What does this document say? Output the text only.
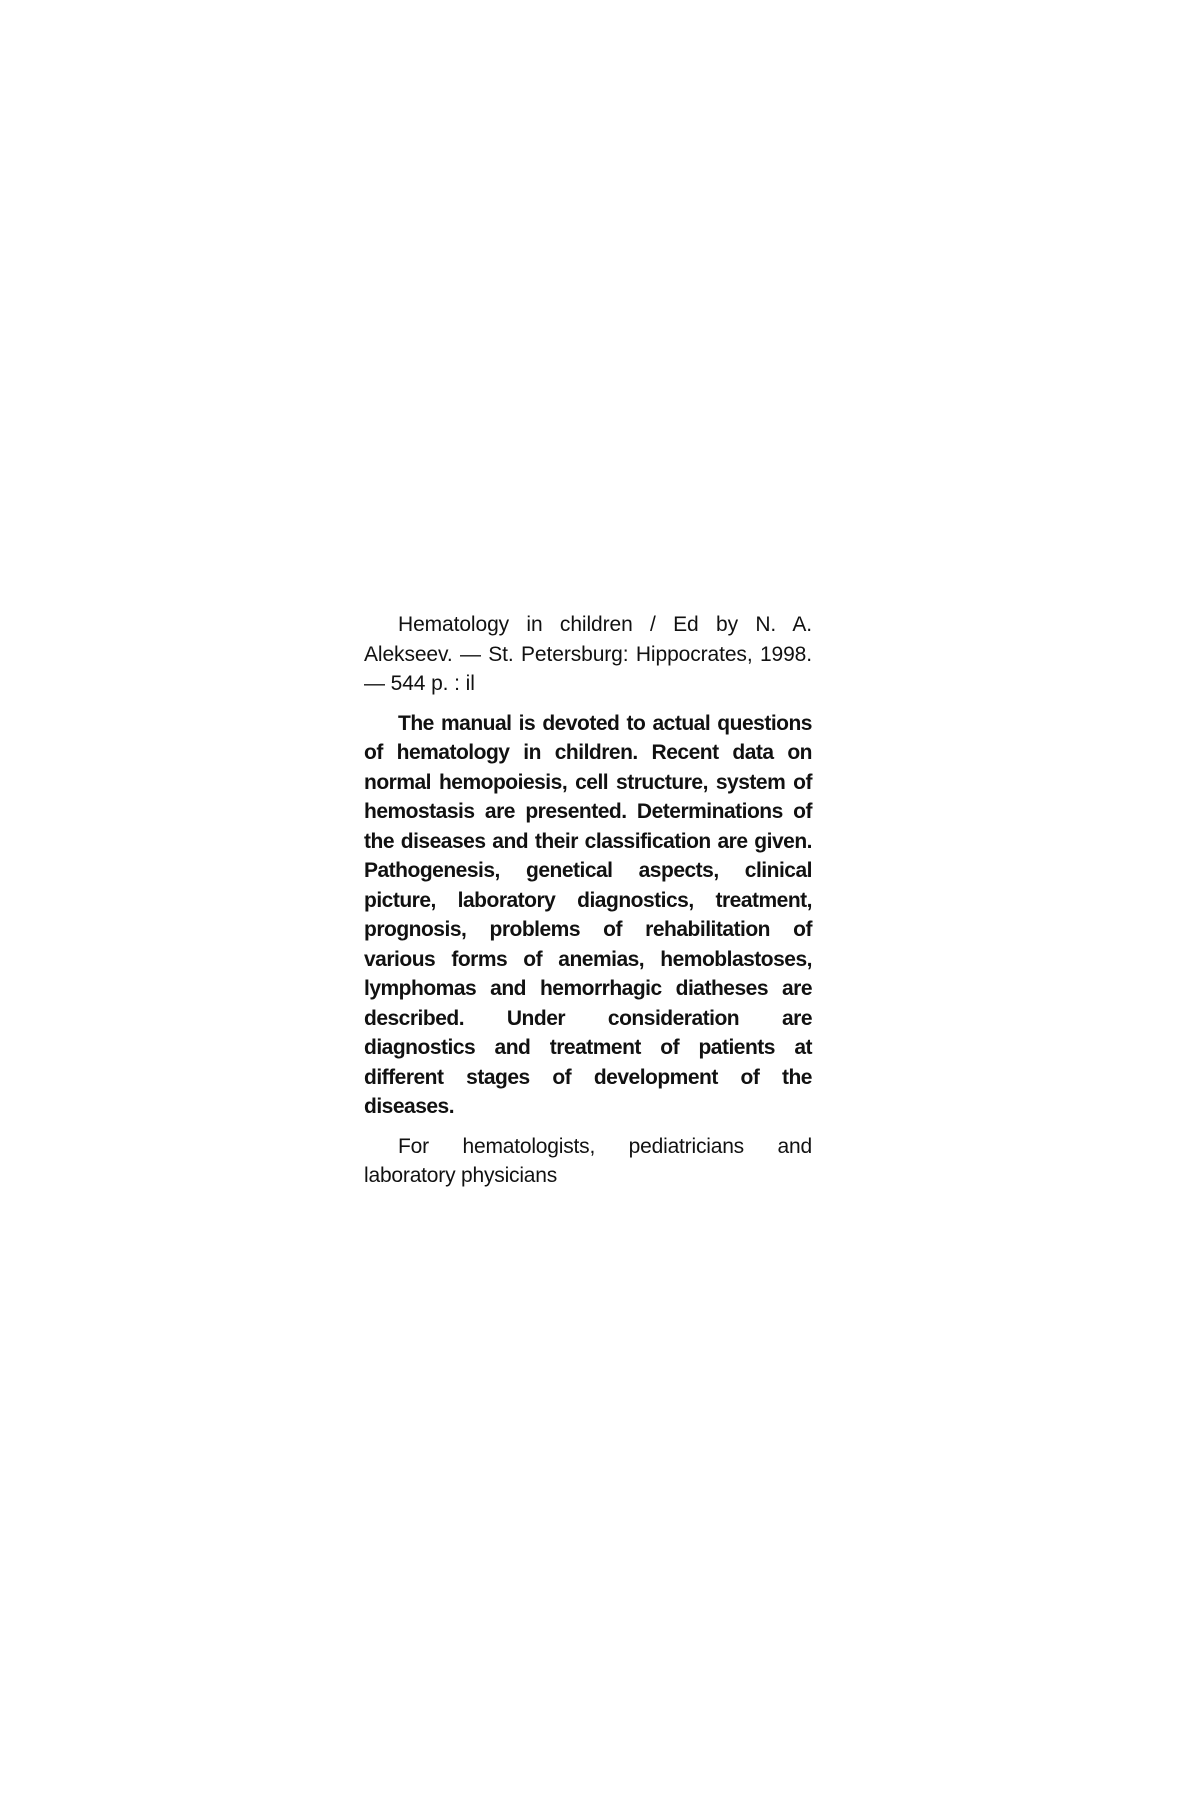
Hematology in children / Ed by N. A. Alekseev. — St. Petersburg: Hippocrates, 1998. — 544 p. : il

The manual is devoted to actual questions of hematology in children. Recent data on normal hemopoiesis, cell structure, system of hemostasis are presented. Determinations of the diseases and their classification are given. Pathogenesis, genetical aspects, clinical picture, laboratory diagnostics, treatment, prognosis, problems of rehabilitation of various forms of anemias, hemoblastoses, lymphomas and hemorrhagic diatheses are described. Under consideration are diagnostics and treatment of patients at different stages of development of the diseases.

For hematologists, pediatricians and laboratory physicians
